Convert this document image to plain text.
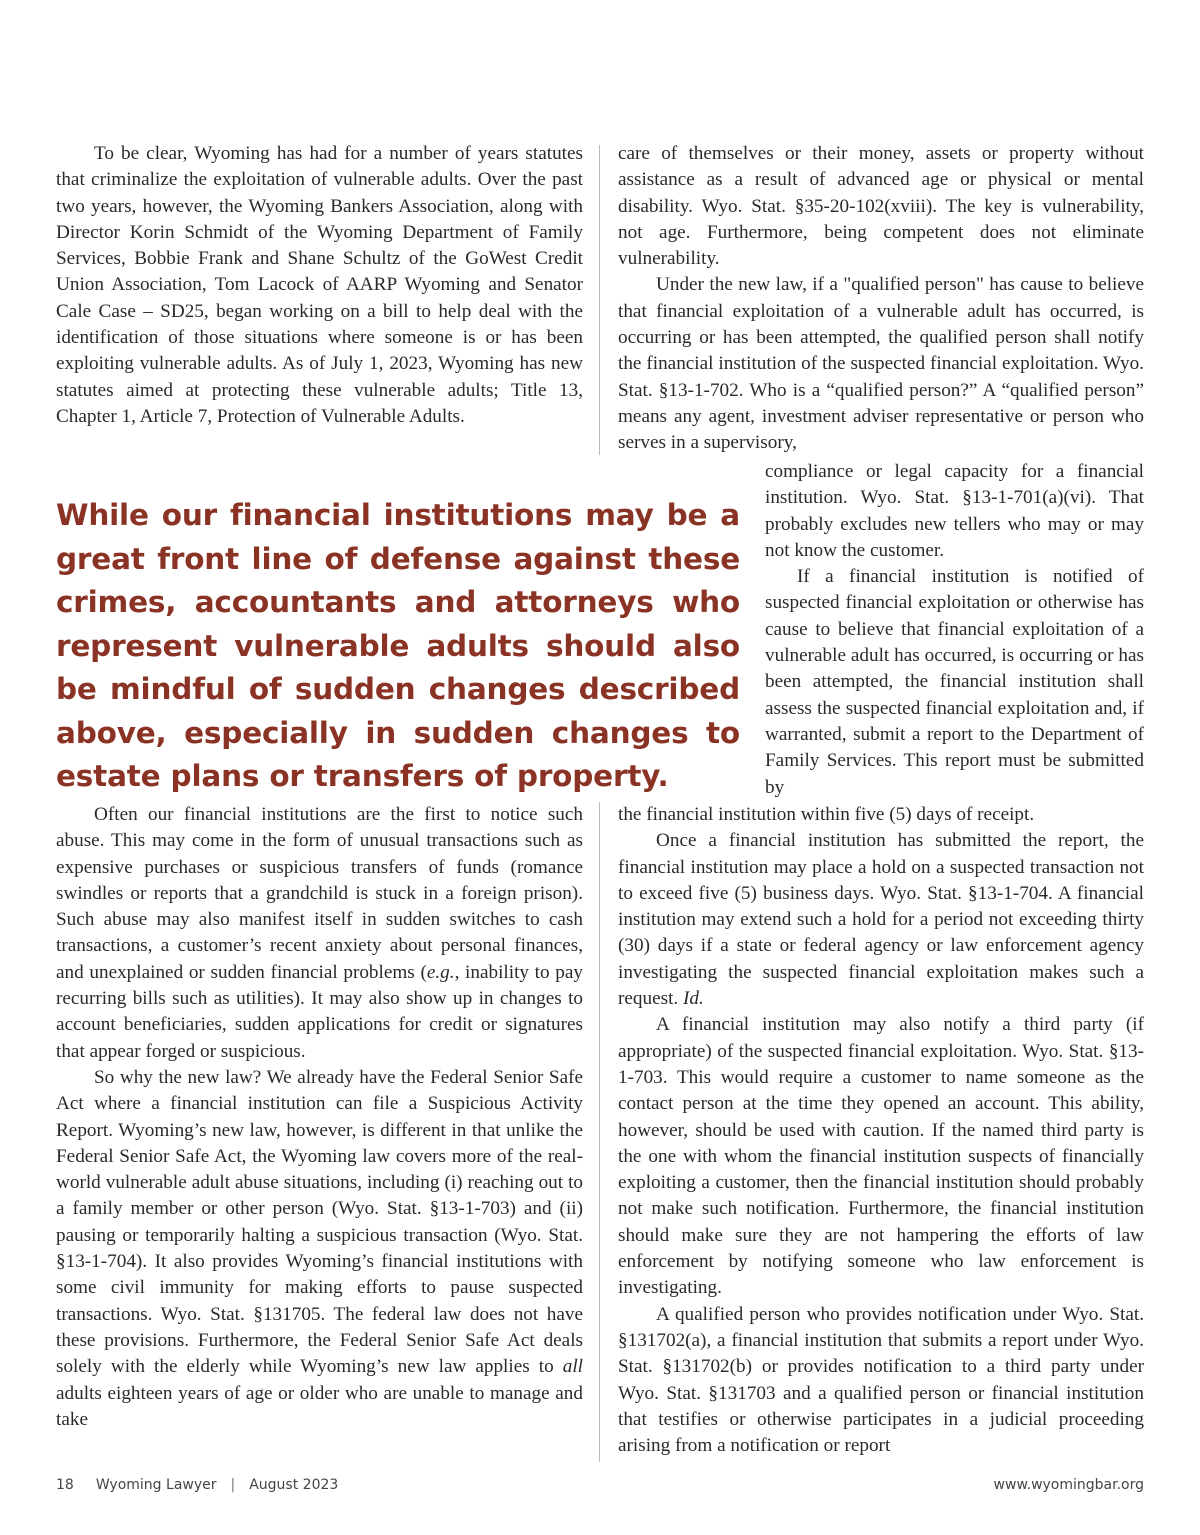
To be clear, Wyoming has had for a number of years statutes that criminalize the exploitation of vulnerable adults. Over the past two years, however, the Wyoming Bankers Association, along with Director Korin Schmidt of the Wyoming Department of Family Services, Bobbie Frank and Shane Schultz of the GoWest Credit Union Association, Tom Lacock of AARP Wyoming and Senator Cale Case – SD25, began working on a bill to help deal with the identification of those situations where someone is or has been exploiting vulnerable adults. As of July 1, 2023, Wyoming has new statutes aimed at protecting these vulnerable adults; Title 13, Chapter 1, Article 7, Protection of Vulnerable Adults.

care of themselves or their money, assets or property without assistance as a result of advanced age or physical or mental disability. Wyo. Stat. §35-20-102(xviii). The key is vulnerability, not age. Furthermore, being competent does not eliminate vulnerability.

Under the new law, if a "qualified person" has cause to believe that financial exploitation of a vulnerable adult has occurred, is occurring or has been attempted, the qualified person shall notify the financial institution of the suspected financial exploitation. Wyo. Stat. §13-1-702. Who is a “qualified person?” A “qualified person” means any agent, investment adviser representative or person who serves in a supervisory,

compliance or legal capacity for a financial institution. Wyo. Stat. §13-1-701(a)(vi). That probably excludes new tellers who may or may not know the customer.

If a financial institution is notified of suspected financial exploitation or otherwise has cause to believe that financial exploitation of a vulnerable adult has occurred, is occurring or has been attempted, the financial institution shall assess the suspected financial exploitation and, if warranted, submit a report to the Department of Family Services. This report must be submitted by

While our financial institutions may be a great front line of defense against these crimes, accountants and attorneys who represent vulnerable adults should also be mindful of sudden changes described above, especially in sudden changes to estate plans or transfers of property.

Often our financial institutions are the first to notice such abuse. This may come in the form of unusual transactions such as expensive purchases or suspicious transfers of funds (romance swindles or reports that a grandchild is stuck in a foreign prison). Such abuse may also manifest itself in sudden switches to cash transactions, a customer’s recent anxiety about personal finances, and unexplained or sudden financial problems (e.g., inability to pay recurring bills such as utilities). It may also show up in changes to account beneficiaries, sudden applications for credit or signatures that appear forged or suspicious.

So why the new law? We already have the Federal Senior Safe Act where a financial institution can file a Suspicious Activity Report. Wyoming’s new law, however, is different in that unlike the Federal Senior Safe Act, the Wyoming law covers more of the real-world vulnerable adult abuse situations, including (i) reaching out to a family member or other person (Wyo. Stat. §13-1-703) and (ii) pausing or temporarily halting a suspicious transaction (Wyo. Stat. §13-1-704). It also provides Wyoming’s financial institutions with some civil immunity for making efforts to pause suspected transactions. Wyo. Stat. §131705. The federal law does not have these provisions. Furthermore, the Federal Senior Safe Act deals solely with the elderly while Wyoming’s new law applies to all adults eighteen years of age or older who are unable to manage and take

the financial institution within five (5) days of receipt.

Once a financial institution has submitted the report, the financial institution may place a hold on a suspected transaction not to exceed five (5) business days. Wyo. Stat. §13-1-704. A financial institution may extend such a hold for a period not exceeding thirty (30) days if a state or federal agency or law enforcement agency investigating the suspected financial exploitation makes such a request. Id.

A financial institution may also notify a third party (if appropriate) of the suspected financial exploitation. Wyo. Stat. §13-1-703. This would require a customer to name someone as the contact person at the time they opened an account. This ability, however, should be used with caution. If the named third party is the one with whom the financial institution suspects of financially exploiting a customer, then the financial institution should probably not make such notification. Furthermore, the financial institution should make sure they are not hampering the efforts of law enforcement by notifying someone who law enforcement is investigating.

A qualified person who provides notification under Wyo. Stat. §131702(a), a financial institution that submits a report under Wyo. Stat. §131702(b) or provides notification to a third party under Wyo. Stat. §131703 and a qualified person or financial institution that testifies or otherwise participates in a judicial proceeding arising from a notification or report

18 Wyoming Lawyer | August 2023	www.wyomingbar.org
